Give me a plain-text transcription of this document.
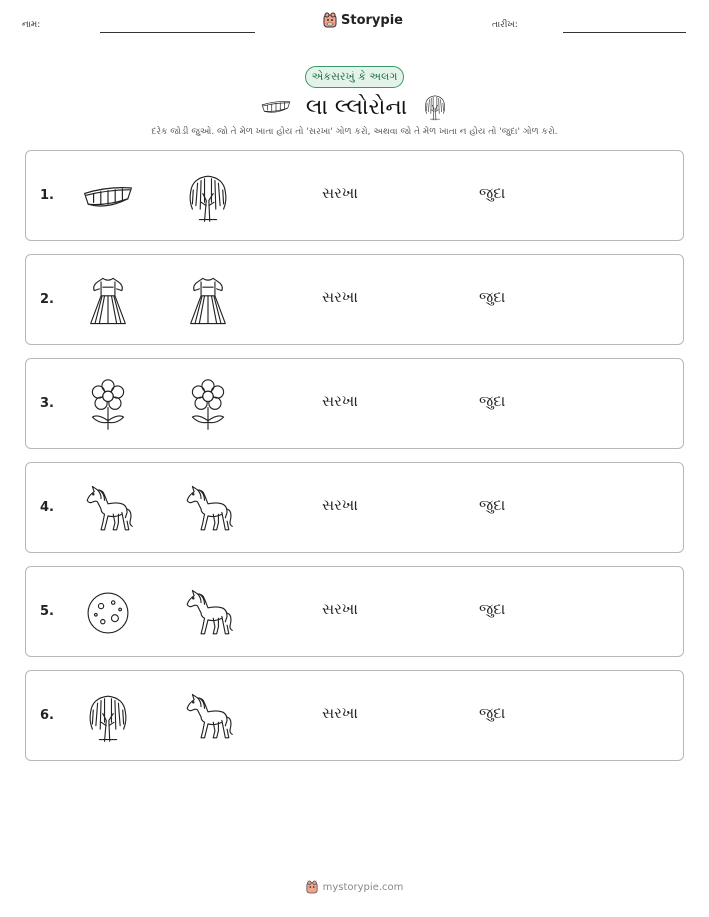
નામ:	Storypie	તારીખ:
એકસરખું કે અલગ
લા લ્લોરોના
દરેક જોડી જુઓ. જો તે મેળ ખાતા હોય તો 'સરખા' ગોળ કરો, અથવા જો તે મેળ ખાતા ન હોય તો 'જુદા' ગોળ કરો.
1.	સરખા	જુદા
2.	સરખા	જુદા
3.	સરખા	જુદા
4.	સરખા	જુદા
5.	સરખા	જુદા
6.	સરખા	જુદા
mystorypie.com
